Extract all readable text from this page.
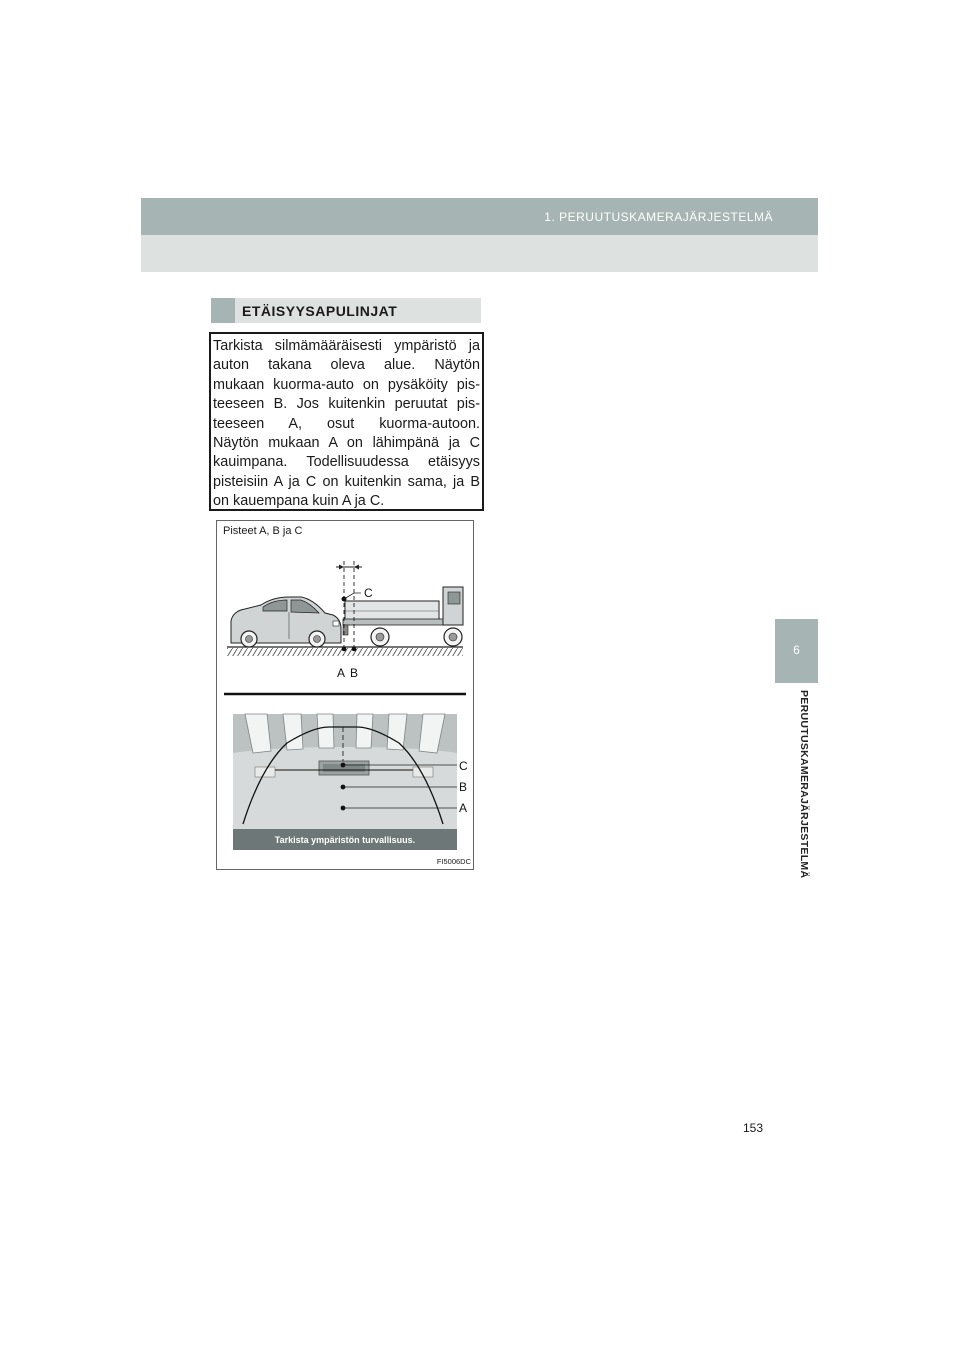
1. PERUUTUSKAMERAJÄRJESTELMÄ
6
PERUUTUSKAMERAJÄRJESTELMÄ
ETÄISYYSAPULINJAT
Tarkista silmämääräisesti ympäristö ja
auton takana oleva alue. Näytön
mukaan kuorma-auto on pysäköity pis-
teeseen B. Jos kuitenkin peruutat pis-
teeseen A, osut kuorma-autoon.
Näytön mukaan A on lähimpänä ja C
kauimpana. Todellisuudessa etäisyys
pisteisiin A ja C on kuitenkin sama, ja B
on kauempana kuin A ja C.
Pisteet A, B ja C
C
A B
Tarkista ympäristön turvallisuus.
C
B
A
FI5006DC
153
